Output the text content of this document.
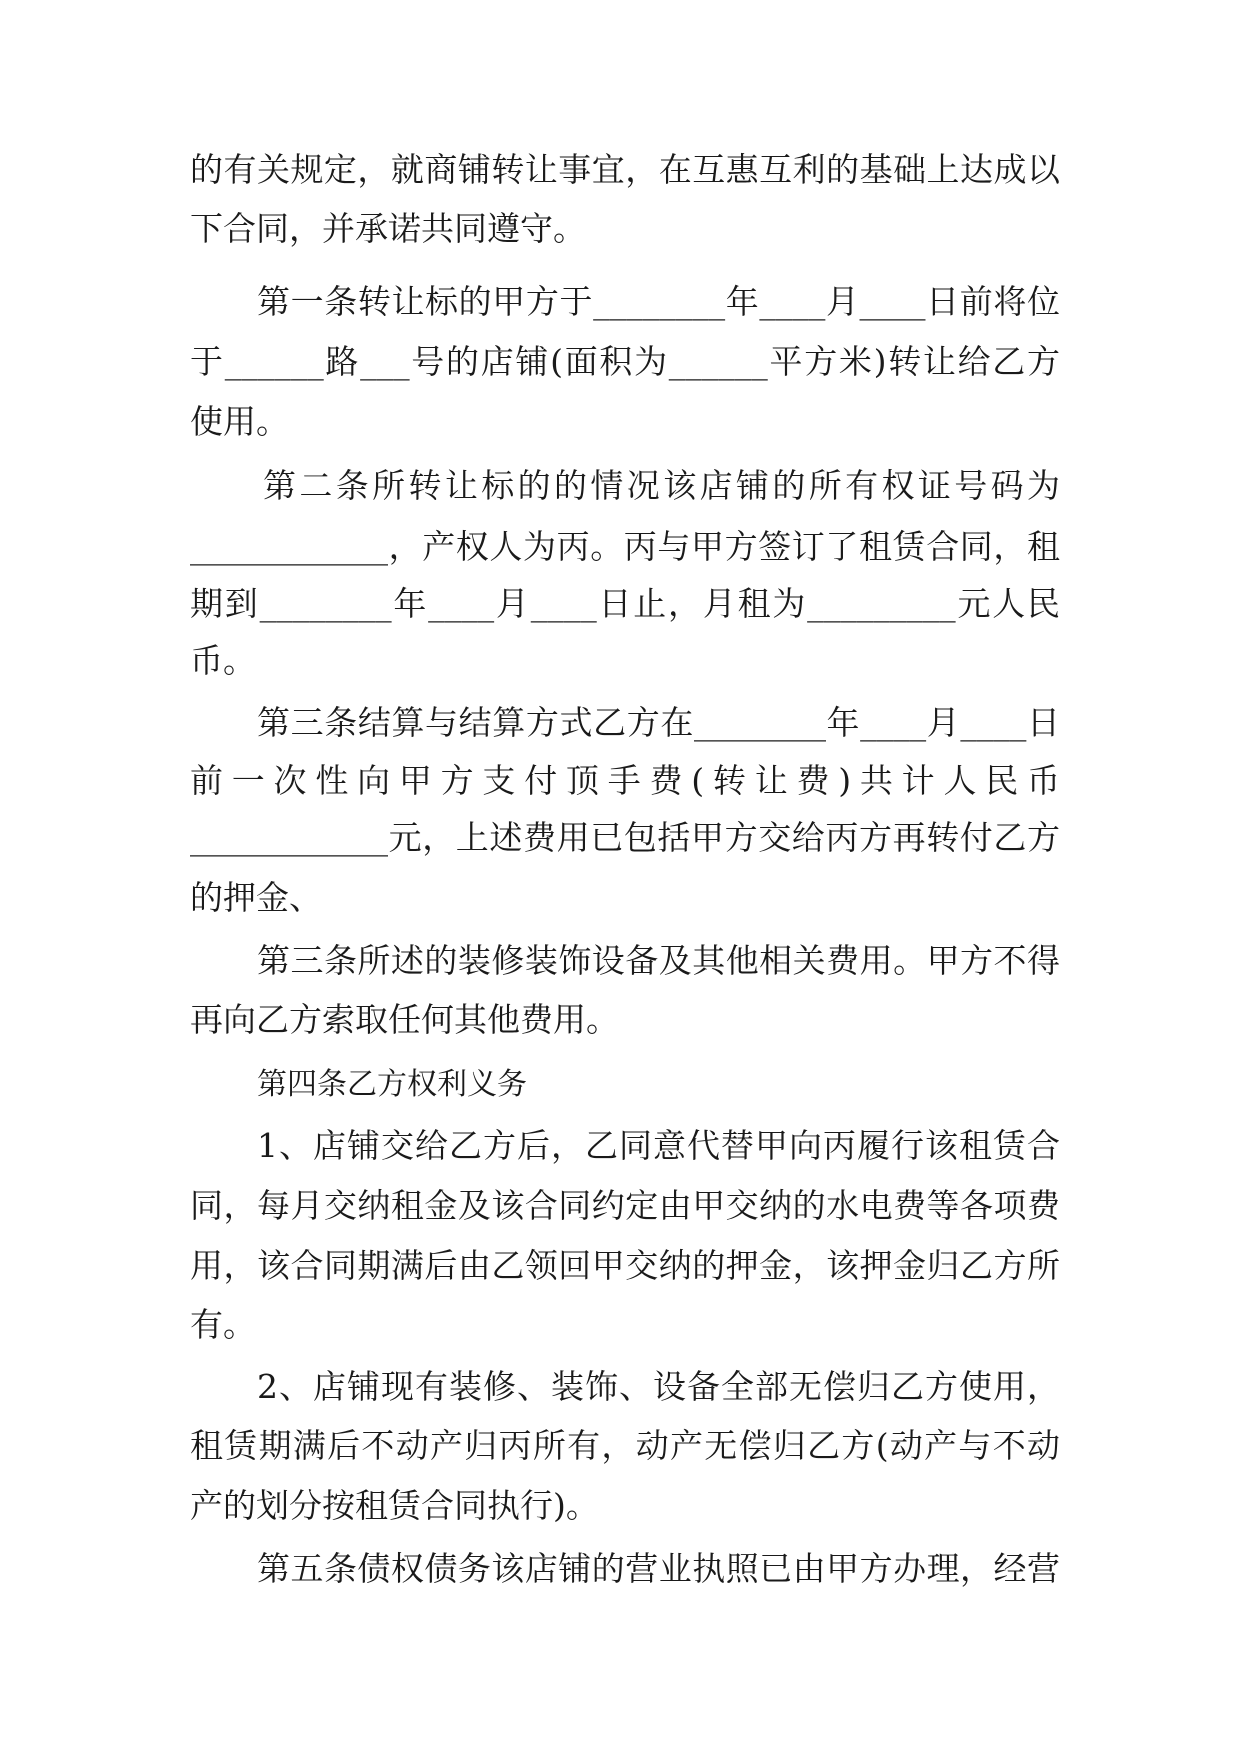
的有关规定，就商铺转让事宜，在互惠互利的基础上达成以
下合同，并承诺共同遵守。
第一条转让标的甲方于________年____月____日前将位
于______路___号的店铺(面积为______平方米)转让给乙方
使用。
第二条所转让标的的情况该店铺的所有权证号码为
____________，产权人为丙。丙与甲方签订了租赁合同，租
期到________年____月____日止，月租为_________元人民
币。
第三条结算与结算方式乙方在________年____月____日
前一次性向甲方支付顶手费(转让费)共计人民币
____________元，上述费用已包括甲方交给丙方再转付乙方
的押金、
第三条所述的装修装饰设备及其他相关费用。甲方不得
再向乙方索取任何其他费用。
第四条乙方权利义务
1、店铺交给乙方后，乙同意代替甲向丙履行该租赁合
同，每月交纳租金及该合同约定由甲交纳的水电费等各项费
用，该合同期满后由乙领回甲交纳的押金，该押金归乙方所
有。
2、店铺现有装修、装饰、设备全部无偿归乙方使用，
租赁期满后不动产归丙所有，动产无偿归乙方(动产与不动
产的划分按租赁合同执行)。
第五条债权债务该店铺的营业执照已由甲方办理，经营
